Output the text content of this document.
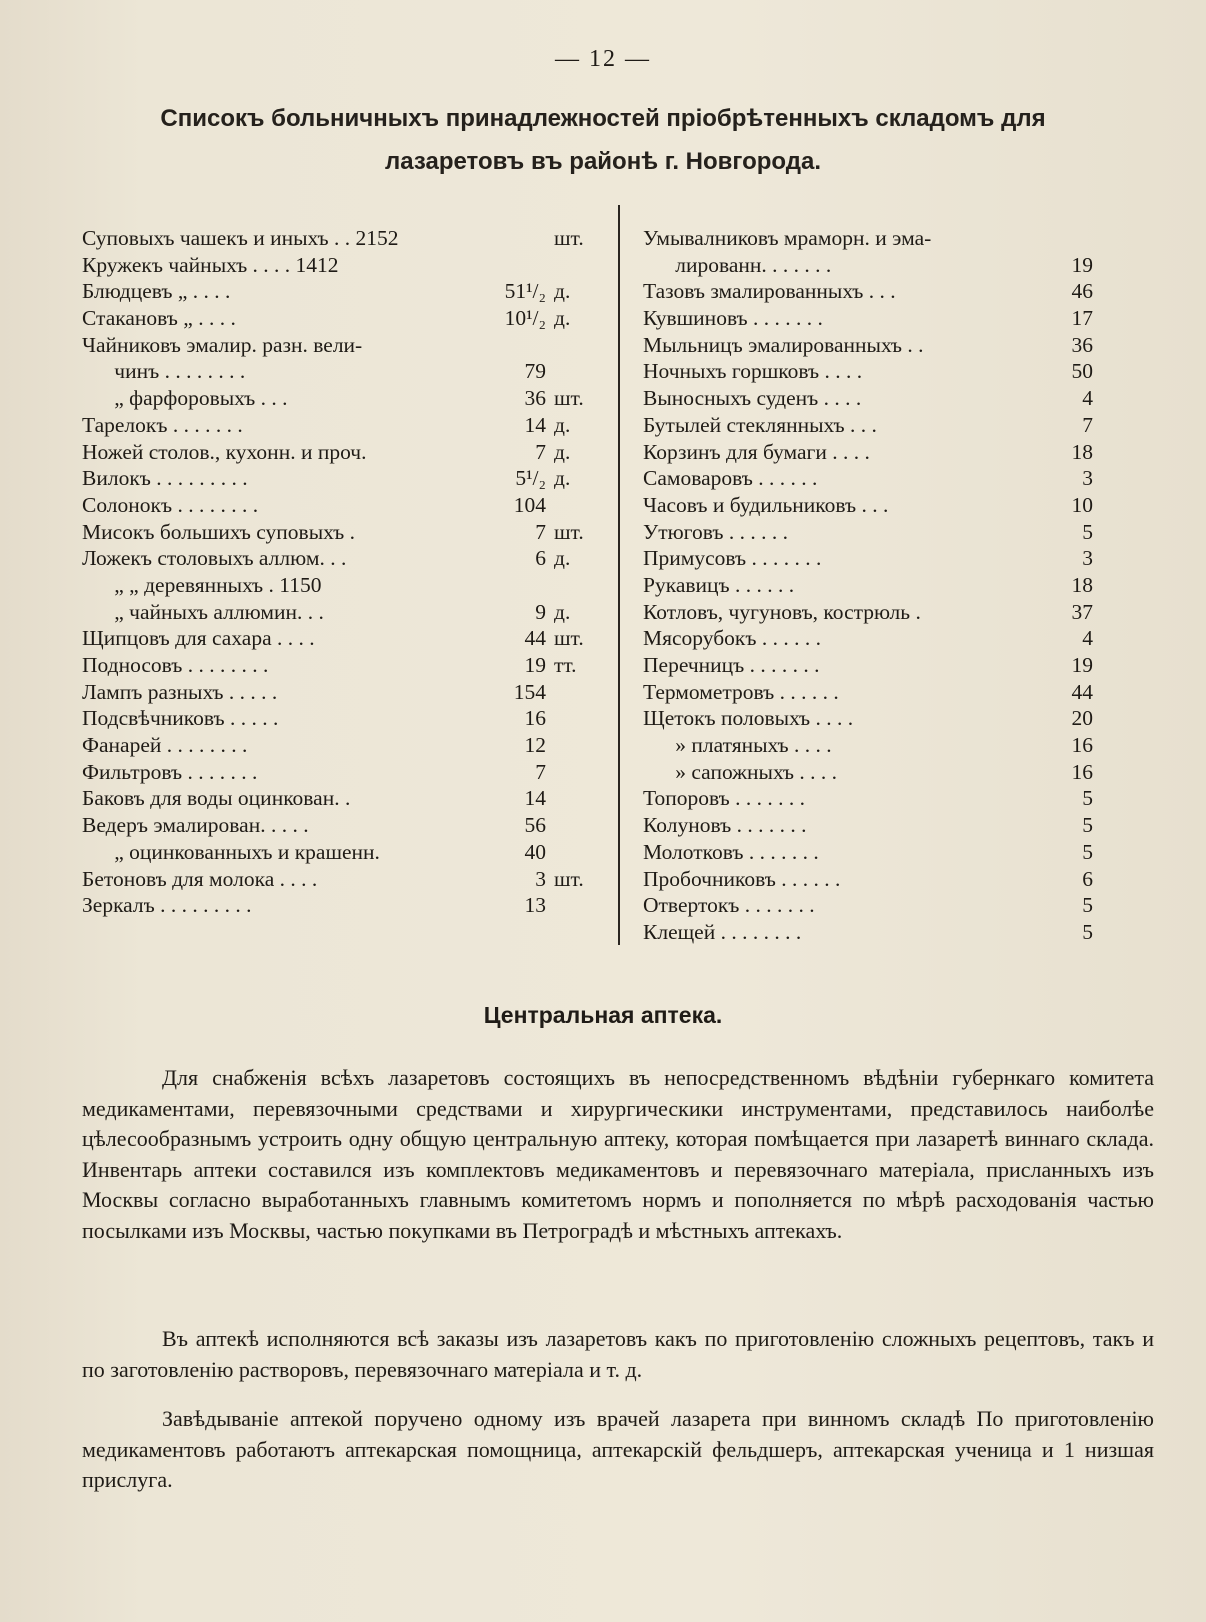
— 12 —
Списокъ больничныхъ принадлежностей пріобрѣтенныхъ складомъ для
лазаретовъ въ районѣ г. Новгорода.
Суповыхъ чашекъ и иныхъ . . 2152	шт.
Кружекъ чайныхъ . . . . 1412
Блюдцевъ „ . . . .	51¹/₂ д.
Стакановъ „ . . . .	10¹/₂ д.
Чайниковъ эмалир. разн. вели-
чинъ . . . . . . . .	79
„ фарфоровыхъ . . .	36 шт.
Тарелокъ . . . . . . .	14 д.
Ножей столов., кухонн. и проч.	7 д.
Вилокъ . . . . . . . . .	5¹/₂ д.
Солонокъ . . . . . . . .	104
Мисокъ большихъ суповыхъ .	7 шт.
Ложекъ столовыхъ аллюм. . .	6 д.
„ „ деревянныхъ . 1150
„ чайныхъ аллюмин. . .	9 д.
Щипцовъ для сахара . . . .	44 шт.
Подносовъ . . . . . . . .	19 тт.
Лампъ разныхъ . . . . .	154
Подсвѣчниковъ . . . . .	16
Фанарей . . . . . . . .	12
Фильтровъ . . . . . . .	7
Баковъ для воды оцинкован. .	14
Ведеръ эмалирован. . . . .	56
„ оцинкованныхъ и крашенн.	40
Бетоновъ для молока . . . .	3 шт.
Зеркалъ . . . . . . . . .	13
Умывалниковъ мраморн. и эма-
лированн. . . . . . .	19
Тазовъ змалированныхъ . . .	46
Кувшиновъ . . . . . . .	17
Мыльницъ эмалированныхъ . .	36
Ночныхъ горшковъ . . . .	50
Выносныхъ суденъ . . . .	4
Бутылей стеклянныхъ . . .	7
Корзинъ для бумаги . . . .	18
Самоваровъ . . . . . .	3
Часовъ и будильниковъ . . .	10
Утюговъ . . . . . .	5
Примусовъ . . . . . . .	3
Рукавицъ . . . . . .	18
Котловъ, чугуновъ, кострюль .	37
Мясорубокъ . . . . . .	4
Перечницъ . . . . . . .	19
Термометровъ . . . . . .	44
Щетокъ половыхъ . . . .	20
» платяныхъ . . . .	16
» сапожныхъ . . . .	16
Топоровъ . . . . . . .	5
Колуновъ . . . . . . .	5
Молотковъ . . . . . . .	5
Пробочниковъ . . . . . .	6
Отвертокъ . . . . . . .	5
Клещей . . . . . . . .	5
Центральная аптека.
Для снабженія всѣхъ лазаретовъ состоящихъ въ непосредственномъ вѣдѣніи губернкаго комитета медикаментами, перевязочными средствами и хирургическики инструментами, представилось наиболѣе цѣлесообразнымъ устроить одну общую центральную аптеку, которая помѣщается при лазаретѣ виннаго склада. Инвентарь аптеки составился изъ комплектовъ медикаментовъ и перевязочнаго матеріала, присланныхъ изъ Москвы согласно выработанныхъ главнымъ комитетомъ нормъ и пополняется по мѣрѣ расходованія частью посылками изъ Москвы, частью покупками въ Петроградѣ и мѣстныхъ аптекахъ.
Въ аптекѣ исполняются всѣ заказы изъ лазаретовъ какъ по приготовленію сложныхъ рецептовъ, такъ и по заготовленію растворовъ, перевязочнаго матеріала и т. д.
Завѣдываніе аптекой поручено одному изъ врачей лазарета при винномъ складѣ По приготовленію медикаментовъ работаютъ аптекарская помощница, аптекарскій фельдшеръ, аптекарская ученица и 1 низшая прислуга.
